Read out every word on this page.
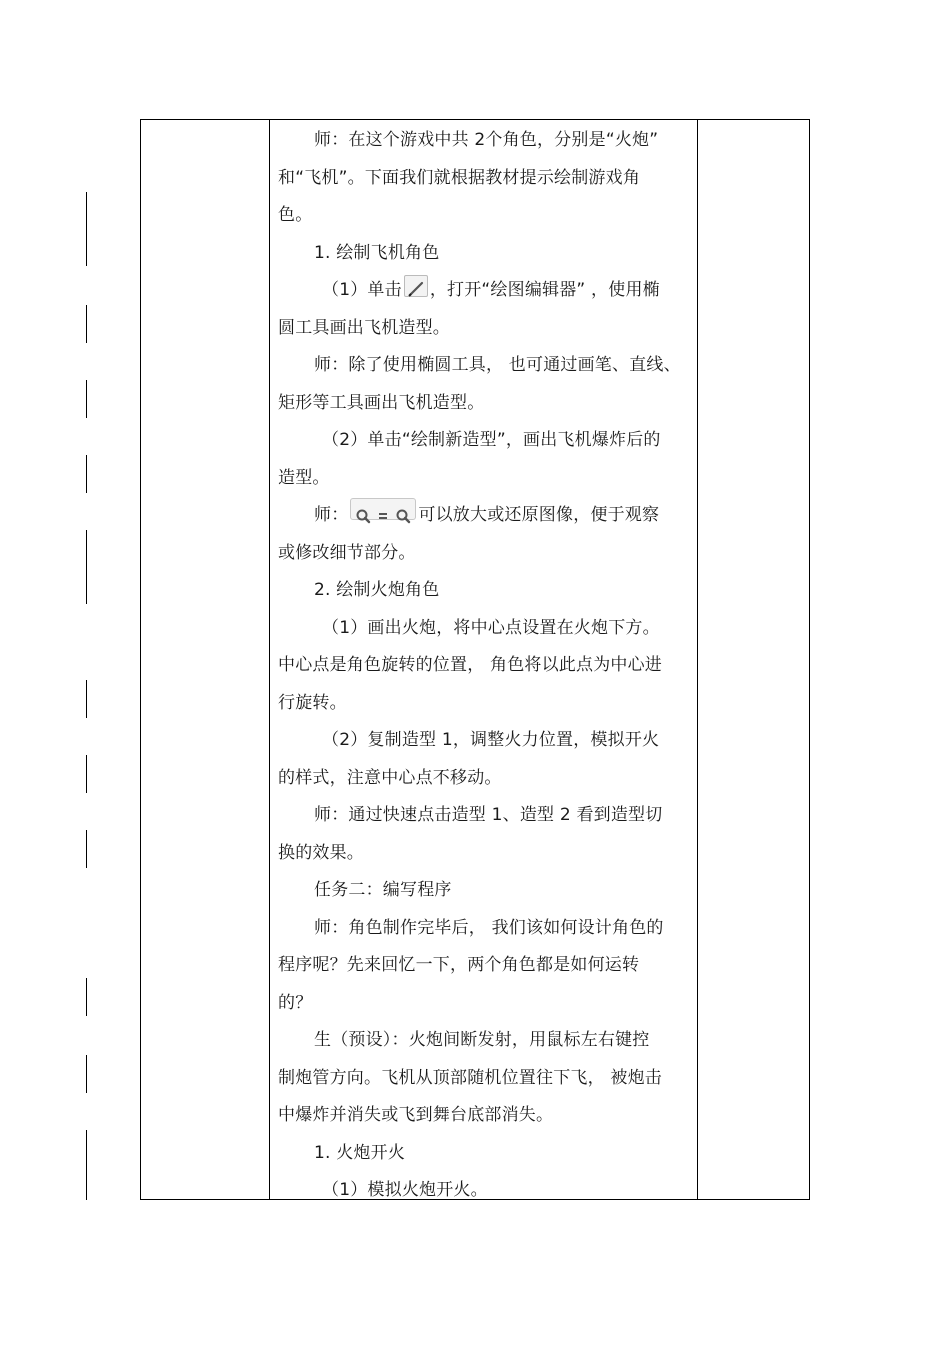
师：在这个游戏中共 2个角色，分别是“火炮”
和“飞机”。下面我们就根据教材提示绘制游戏角
色。
1. 绘制飞机角色
（1）单击 ，打开“绘图编辑器” ，使用椭
圆工具画出飞机造型。
师：除了使用椭圆工具， 也可通过画笔、直线、
矩形等工具画出飞机造型。
（2）单击“绘制新造型”，画出飞机爆炸后的
造型。
师：	可以放大或还原图像，便于观察
或修改细节部分。
2. 绘制火炮角色
（1）画出火炮，将中心点设置在火炮下方。
中心点是角色旋转的位置， 角色将以此点为中心进
行旋转。
（2）复制造型 1，调整火力位置，模拟开火
的样式，注意中心点不移动。
师：通过快速点击造型 1、造型 2 看到造型切
换的效果。
任务二：编写程序
师：角色制作完毕后， 我们该如何设计角色的
程序呢？先来回忆一下，两个角色都是如何运转
的？
生（预设）：火炮间断发射，用鼠标左右键控
制炮管方向。飞机从顶部随机位置往下飞， 被炮击
中爆炸并消失或飞到舞台底部消失。
1. 火炮开火
（1）模拟火炮开火。
